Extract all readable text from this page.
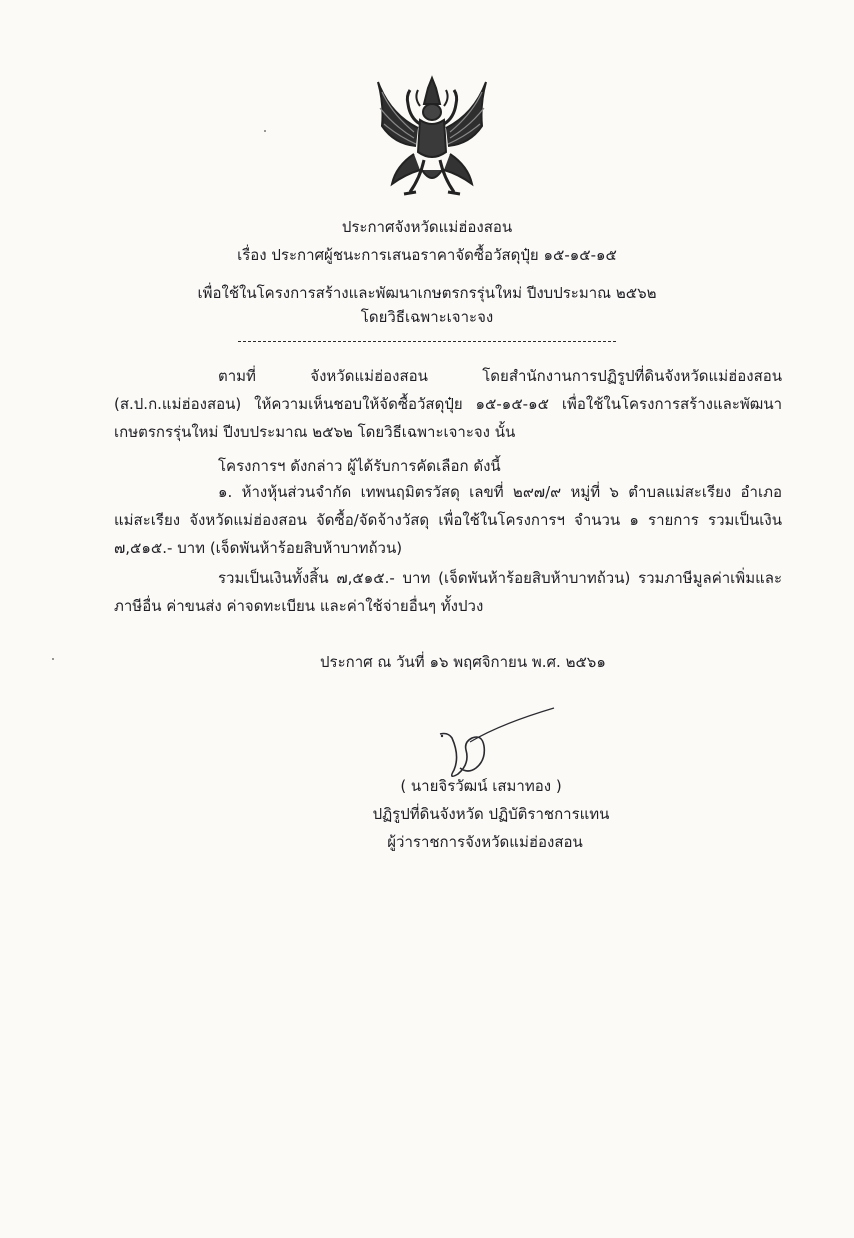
ประกาศจังหวัดแม่ฮ่องสอน
เรื่อง ประกาศผู้ชนะการเสนอราคาจัดซื้อวัสดุปุ๋ย ๑๕-๑๕-๑๕
เพื่อใช้ในโครงการสร้างและพัฒนาเกษตรกรรุ่นใหม่ ปีงบประมาณ ๒๕๖๒
โดยวิธีเฉพาะเจาะจง
ตามที่ จังหวัดแม่ฮ่องสอน โดยสำนักงานการปฏิรูปที่ดินจังหวัดแม่ฮ่องสอน (ส.ป.ก.แม่ฮ่องสอน) ให้ความเห็นชอบให้จัดซื้อวัสดุปุ๋ย ๑๕-๑๕-๑๕ เพื่อใช้ในโครงการสร้างและพัฒนาเกษตรกรรุ่นใหม่ ปีงบประมาณ ๒๕๖๒ โดยวิธีเฉพาะเจาะจง นั้น
โครงการฯ ดังกล่าว ผู้ได้รับการคัดเลือก ดังนี้
๑. ห้างหุ้นส่วนจำกัด เทพนฤมิตรวัสดุ เลขที่ ๒๙๗/๙ หมู่ที่ ๖ ตำบลแม่สะเรียง อำเภอแม่สะเรียง จังหวัดแม่ฮ่องสอน จัดซื้อ/จัดจ้างวัสดุ เพื่อใช้ในโครงการฯ จำนวน ๑ รายการ รวมเป็นเงิน ๗,๕๑๕.- บาท (เจ็ดพันห้าร้อยสิบห้าบาทถ้วน)
รวมเป็นเงินทั้งสิ้น ๗,๕๑๕.- บาท (เจ็ดพันห้าร้อยสิบห้าบาทถ้วน) รวมภาษีมูลค่าเพิ่มและภาษีอื่น ค่าขนส่ง ค่าจดทะเบียน และค่าใช้จ่ายอื่นๆ ทั้งปวง
ประกาศ ณ วันที่ ๑๖ พฤศจิกายน พ.ศ. ๒๕๖๑
( นายจิรวัฒน์ เสมาทอง )
ปฏิรูปที่ดินจังหวัด ปฏิบัติราชการแทน
ผู้ว่าราชการจังหวัดแม่ฮ่องสอน
